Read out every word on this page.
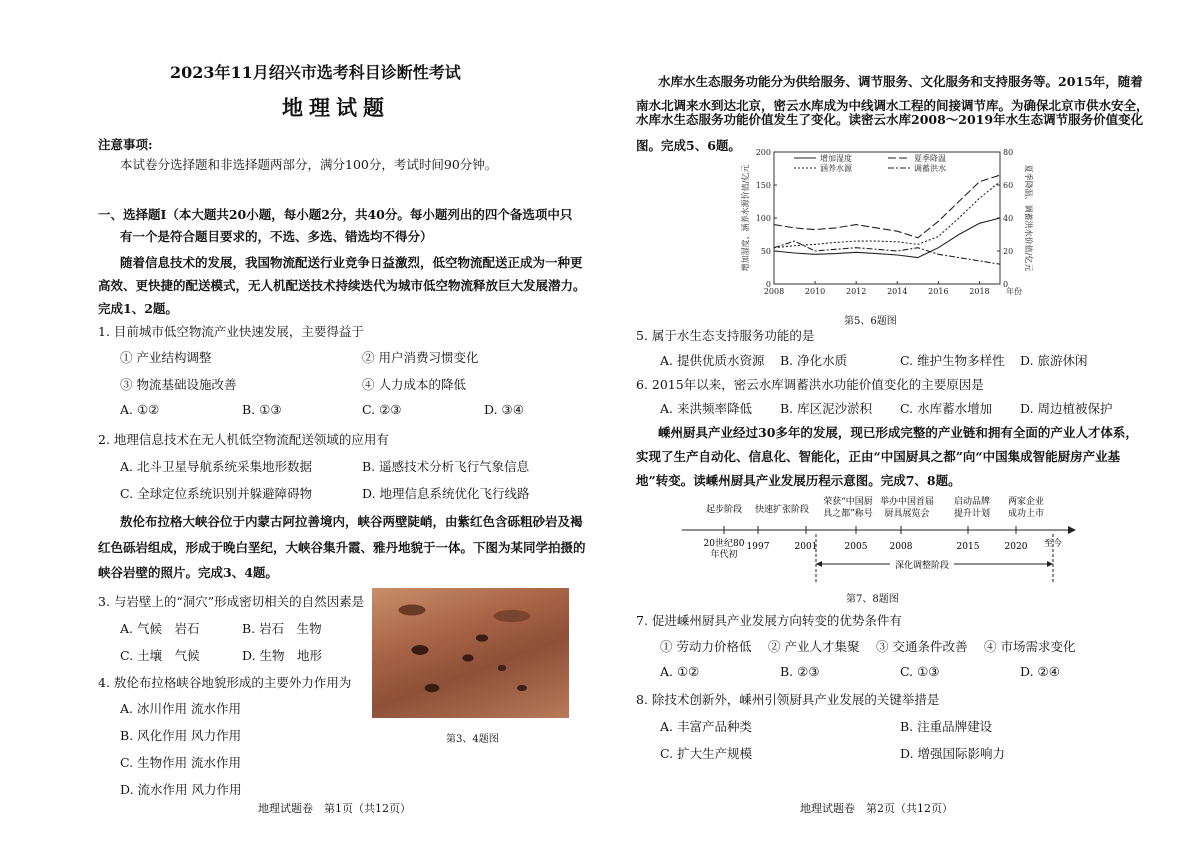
2023年11月绍兴市选考科目诊断性考试
地理试题
注意事项:
本试卷分选择题和非选择题两部分，满分100分，考试时间90分钟。
一、选择题Ⅰ（本大题共20小题，每小题2分，共40分。每小题列出的四个备选项中只
有一个是符合题目要求的，不选、多选、错选均不得分）
随着信息技术的发展，我国物流配送行业竞争日益激烈，低空物流配送正成为一种更
高效、更快捷的配送模式，无人机配送技术持续迭代为城市低空物流释放巨大发展潜力。
完成1、2题。
1. 目前城市低空物流产业快速发展，主要得益于
① 产业结构调整	② 用户消费习惯变化
③ 物流基础设施改善	④ 人力成本的降低
A. ①②	B. ①③	C. ②③	D. ③④
2. 地理信息技术在无人机低空物流配送领域的应用有
A. 北斗卫星导航系统采集地形数据	B. 遥感技术分析飞行气象信息
C. 全球定位系统识别并躲避障碍物	D. 地理信息系统优化飞行线路
敖伦布拉格大峡谷位于内蒙古阿拉善境内，峡谷两壁陡峭，由紫红色含砾粗砂岩及褐
红色砾岩组成，形成于晚白垩纪，大峡谷集升霞、雅丹地貌于一体。下图为某同学拍摄的
峡谷岩壁的照片。完成3、4题。
3. 与岩壁上的“洞穴”形成密切相关的自然因素是
A. 气候　岩石	B. 岩石　生物
C. 土壤　气候	D. 生物　地形
4. 敖伦布拉格峡谷地貌形成的主要外力作用为
A. 冰川作用 流水作用
B. 风化作用 风力作用
C. 生物作用 流水作用
D. 流水作用 风力作用
第3、4题图
地理试题卷　第1页（共12页）
水库水生态服务功能分为供给服务、调节服务、文化服务和支持服务等。2015年，随着
南水北调来水到达北京，密云水库成为中线调水工程的间接调节库。为确保北京市供水安全，
水库水生态服务功能价值发生了变化。读密云水库2008～2019年水生态调节服务价值变化
图。完成5、6题。
0
50
100
150
200
0
20
40
60
80
2008	2010	2012	2014	2016	2018 年份
增加湿度、涵养水源价值/亿元	夏季降温、调蓄洪水价值/亿元
增加湿度
涵养水源
夏季降温
调蓄洪水
第5、6题图
5. 属于水生态支持服务功能的是
A. 提供优质水资源 B. 净化水质	C. 维护生物多样性 D. 旅游休闲
6. 2015年以来，密云水库调蓄洪水功能价值变化的主要原因是
A. 来洪频率降低 B. 库区泥沙淤积 C. 水库蓄水增加 D. 周边植被保护
嵊州厨具产业经过30多年的发展，现已形成完整的产业链和拥有全面的产业人才体系，
实现了生产自动化、信息化、智能化，正由“中国厨具之都”向“中国集成智能厨房产业基
地”转变。读嵊州厨具产业发展历程示意图。完成7、8题。
深化调整阶段
起步阶段 快速扩张阶段
荣获“中国厨
具之都”称号
举办中国首届
厨具展览会
启动品牌
提升计划
两家企业
成功上市
20世纪80
年代初
1997	2001	2005 2008	2015	2020 至今
第7、8题图
7. 促进嵊州厨具产业发展方向转变的优势条件有
① 劳动力价格低 ② 产业人才集聚 ③ 交通条件改善 ④ 市场需求变化
A. ①②	B. ②③	C. ①③	D. ②④
8. 除技术创新外，嵊州引领厨具产业发展的关键举措是
A. 丰富产品种类	B. 注重品牌建设
C. 扩大生产规模	D. 增强国际影响力
地理试题卷　第2页（共12页）
